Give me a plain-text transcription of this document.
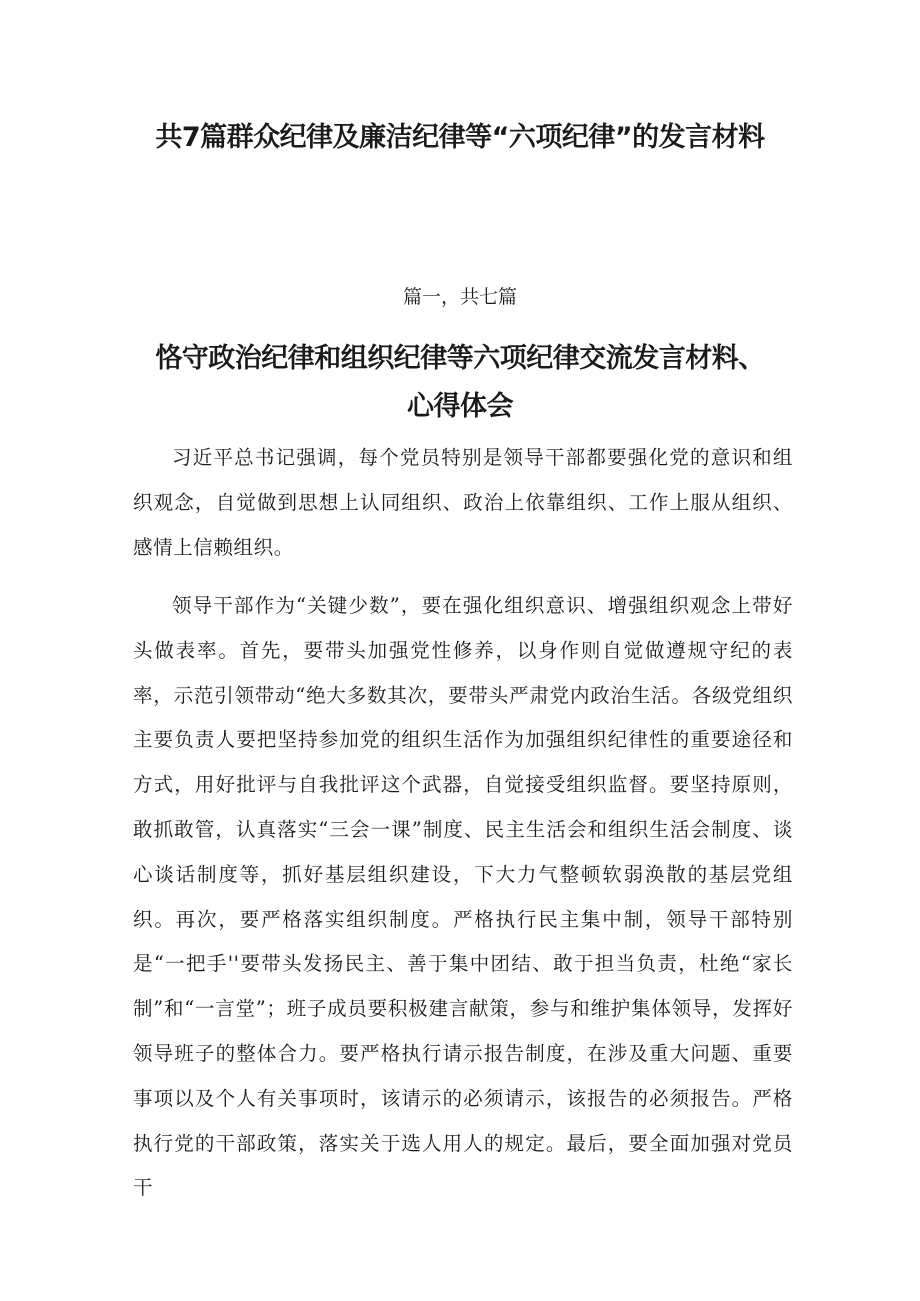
共7篇群众纪律及廉洁纪律等“六项纪律”的发言材料
篇一，共七篇
恪守政治纪律和组织纪律等六项纪律交流发言材料、心得体会

习近平总书记强调，每个党员特别是领导干部都要强化党的意识和组织观念，自觉做到思想上认同组织、政治上依靠组织、工作上服从组织、感情上信赖组织。

领导干部作为“关键少数”，要在强化组织意识、增强组织观念上带好头做表率。首先，要带头加强党性修养，以身作则自觉做遵规守纪的表率，示范引领带动“绝大多数其次，要带头严肃党内政治生活。各级党组织主要负责人要把坚持参加党的组织生活作为加强组织纪律性的重要途径和方式，用好批评与自我批评这个武器，自觉接受组织监督。要坚持原则，敢抓敢管，认真落实“三会一课”制度、民主生活会和组织生活会制度、谈心谈话制度等，抓好基层组织建设，下大力气整顿软弱涣散的基层党组织。再次，要严格落实组织制度。严格执行民主集中制，领导干部特别是“一把手''要带头发扬民主、善于集中团结、敢于担当负责，杜绝“家长制”和“一言堂”；班子成员要积极建言献策，参与和维护集体领导，发挥好领导班子的整体合力。要严格执行请示报告制度，在涉及重大问题、重要事项以及个人有关事项时，该请示的必须请示，该报告的必须报告。严格执行党的干部政策，落实关于选人用人的规定。最后，要全面加强对党员干
